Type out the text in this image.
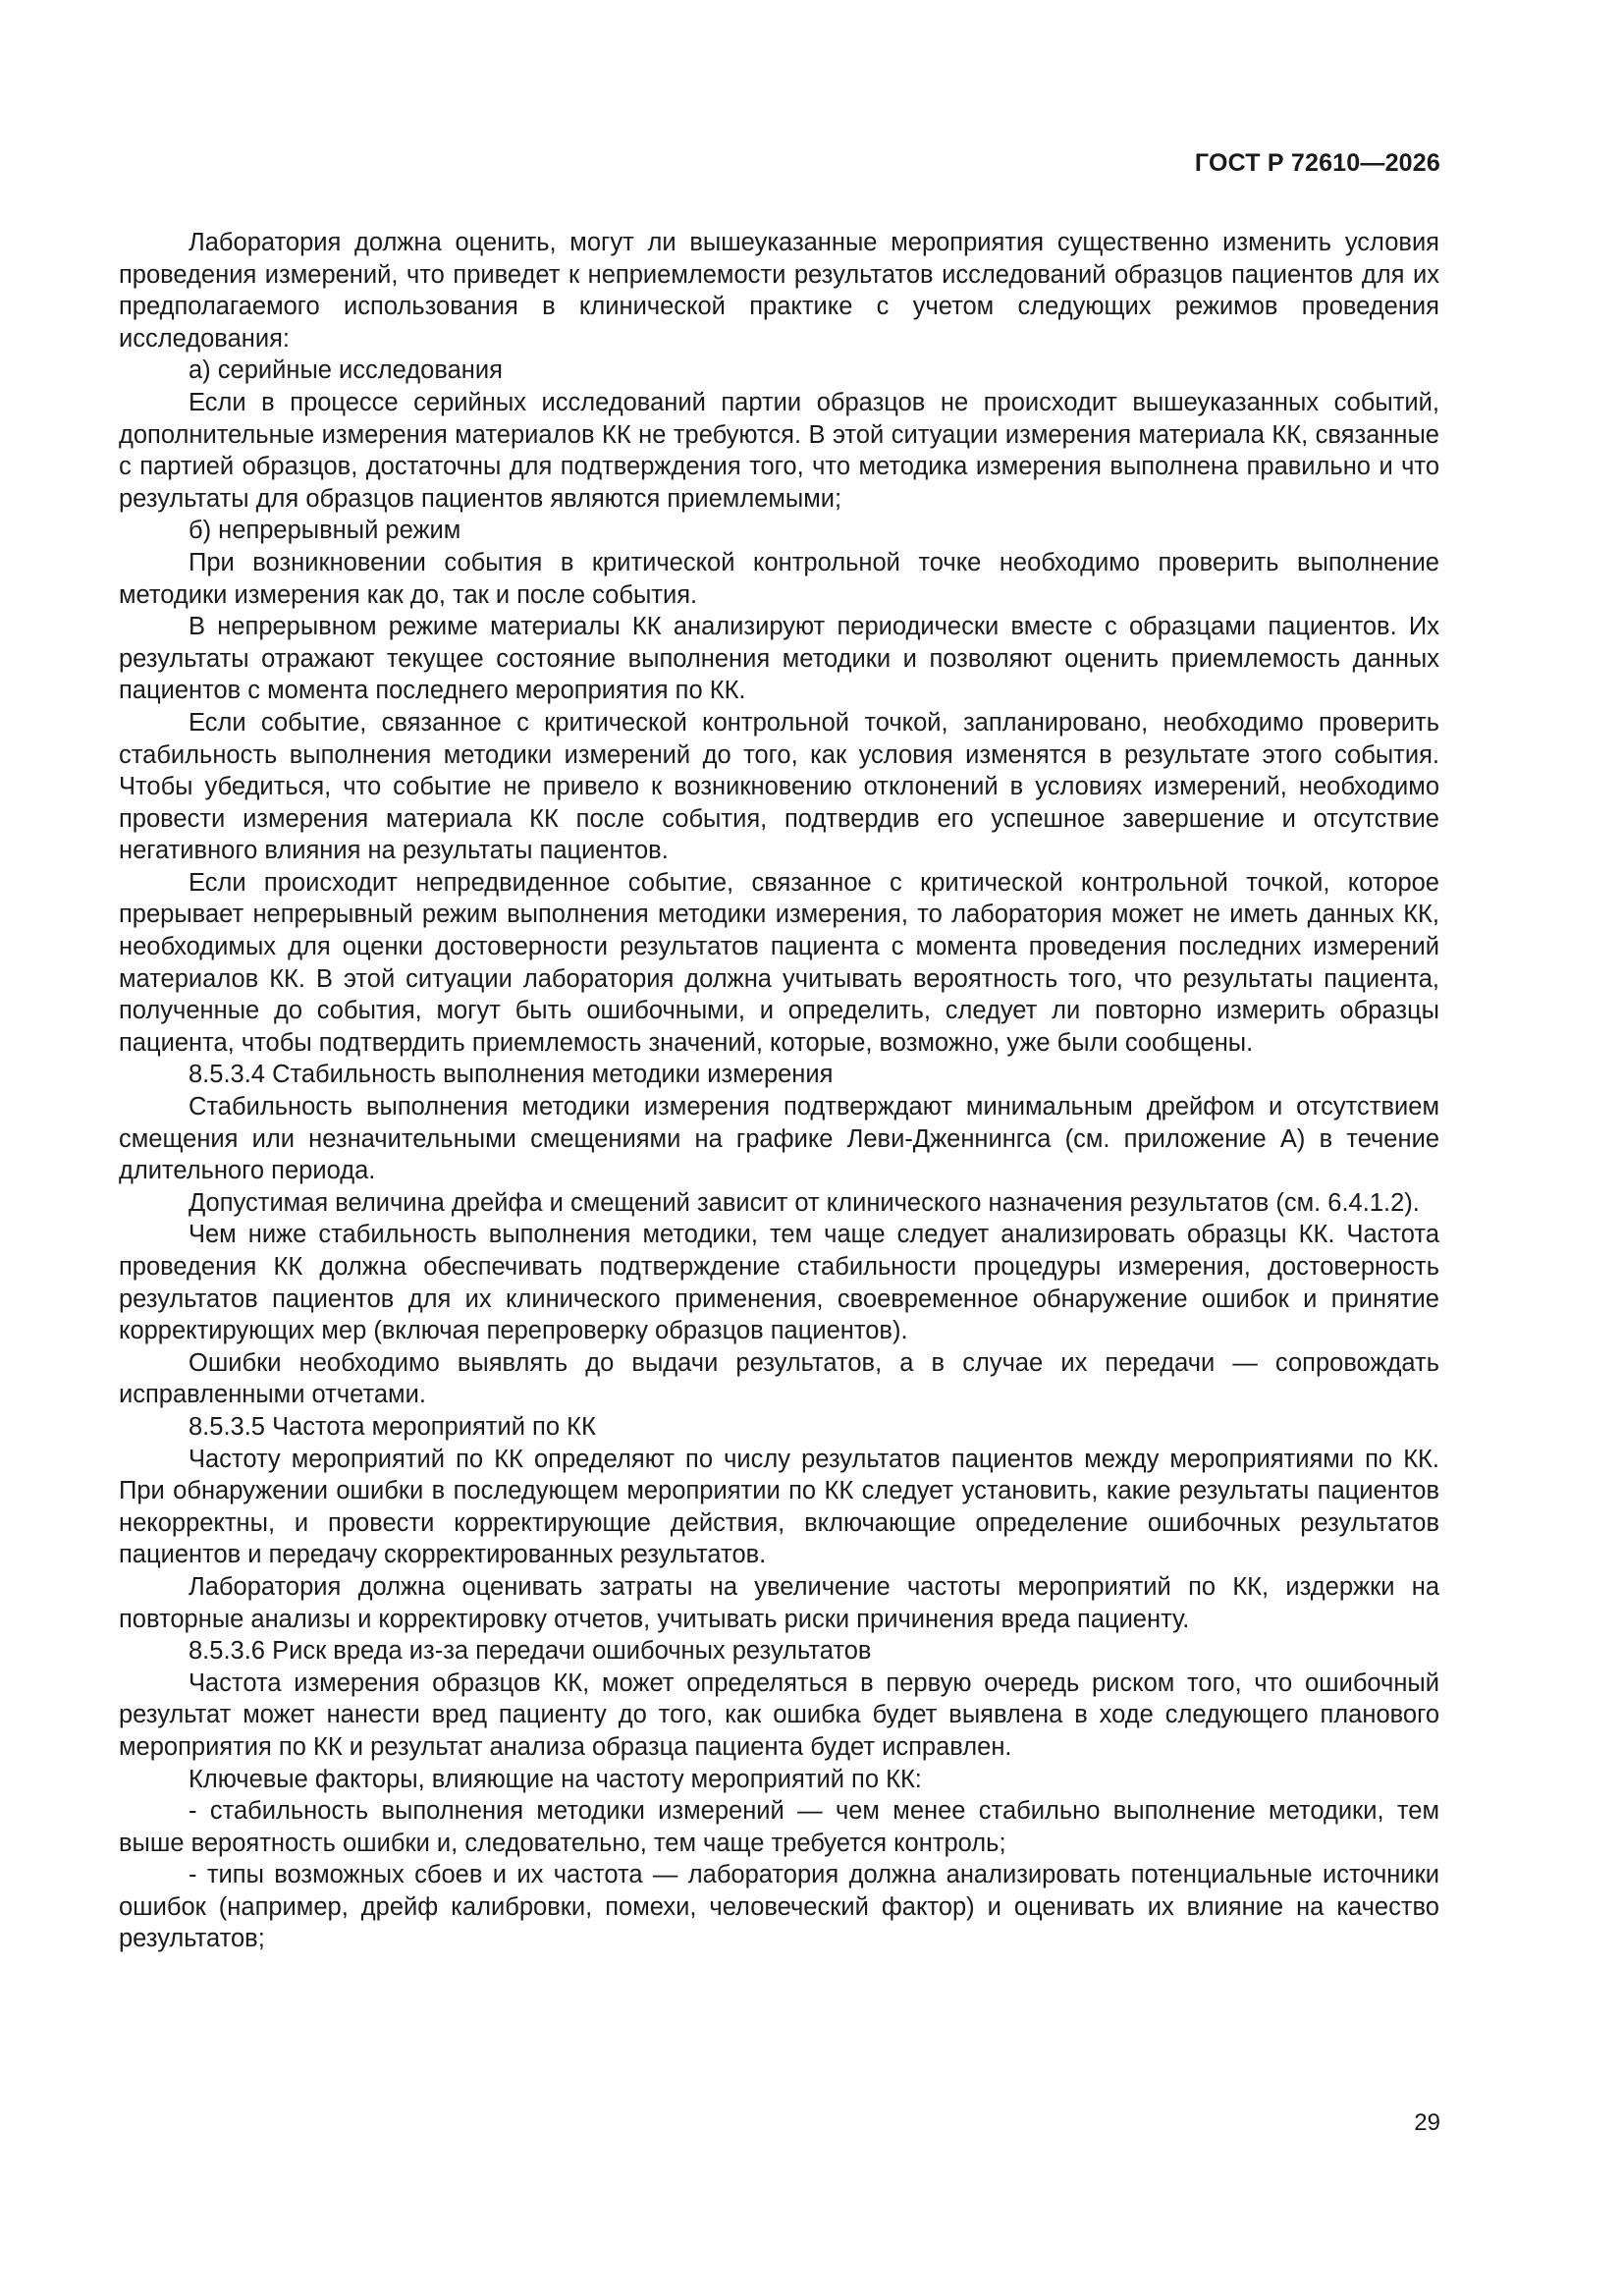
ГОСТ Р 72610—2026

Лаборатория должна оценить, могут ли вышеуказанные мероприятия существенно изменить условия проведения измерений, что приведет к неприемлемости результатов исследований образцов пациентов для их предполагаемого использования в клинической практике с учетом следующих режимов проведения исследования:

а) серийные исследования

Если в процессе серийных исследований партии образцов не происходит вышеуказанных событий, дополнительные измерения материалов КК не требуются. В этой ситуации измерения материала КК, связанные с партией образцов, достаточны для подтверждения того, что методика измерения выполнена правильно и что результаты для образцов пациентов являются приемлемыми;

б) непрерывный режим

При возникновении события в критической контрольной точке необходимо проверить выполнение методики измерения как до, так и после события.

В непрерывном режиме материалы КК анализируют периодически вместе с образцами пациентов. Их результаты отражают текущее состояние выполнения методики и позволяют оценить приемлемость данных пациентов с момента последнего мероприятия по КК.

Если событие, связанное с критической контрольной точкой, запланировано, необходимо проверить стабильность выполнения методики измерений до того, как условия изменятся в результате этого события. Чтобы убедиться, что событие не привело к возникновению отклонений в условиях измерений, необходимо провести измерения материала КК после события, подтвердив его успешное завершение и отсутствие негативного влияния на результаты пациентов.

Если происходит непредвиденное событие, связанное с критической контрольной точкой, которое прерывает непрерывный режим выполнения методики измерения, то лаборатория может не иметь данных КК, необходимых для оценки достоверности результатов пациента с момента проведения последних измерений материалов КК. В этой ситуации лаборатория должна учитывать вероятность того, что результаты пациента, полученные до события, могут быть ошибочными, и определить, следует ли повторно измерить образцы пациента, чтобы подтвердить приемлемость значений, которые, возможно, уже были сообщены.

8.5.3.4 Стабильность выполнения методики измерения

Стабильность выполнения методики измерения подтверждают минимальным дрейфом и отсутствием смещения или незначительными смещениями на графике Леви-Дженнингса (см. приложение А) в течение длительного периода.

Допустимая величина дрейфа и смещений зависит от клинического назначения результатов (см. 6.4.1.2).

Чем ниже стабильность выполнения методики, тем чаще следует анализировать образцы КК. Частота проведения КК должна обеспечивать подтверждение стабильности процедуры измерения, достоверность результатов пациентов для их клинического применения, своевременное обнаружение ошибок и принятие корректирующих мер (включая перепроверку образцов пациентов).

Ошибки необходимо выявлять до выдачи результатов, а в случае их передачи — сопровождать исправленными отчетами.

8.5.3.5 Частота мероприятий по КК

Частоту мероприятий по КК определяют по числу результатов пациентов между мероприятиями по КК. При обнаружении ошибки в последующем мероприятии по КК следует установить, какие результаты пациентов некорректны, и провести корректирующие действия, включающие определение ошибочных результатов пациентов и передачу скорректированных результатов.

Лаборатория должна оценивать затраты на увеличение частоты мероприятий по КК, издержки на повторные анализы и корректировку отчетов, учитывать риски причинения вреда пациенту.

8.5.3.6 Риск вреда из-за передачи ошибочных результатов

Частота измерения образцов КК, может определяться в первую очередь риском того, что ошибочный результат может нанести вред пациенту до того, как ошибка будет выявлена в ходе следующего планового мероприятия по КК и результат анализа образца пациента будет исправлен.

Ключевые факторы, влияющие на частоту мероприятий по КК:

- стабильность выполнения методики измерений — чем менее стабильно выполнение методики, тем выше вероятность ошибки и, следовательно, тем чаще требуется контроль;

- типы возможных сбоев и их частота — лаборатория должна анализировать потенциальные источники ошибок (например, дрейф калибровки, помехи, человеческий фактор) и оценивать их влияние на качество результатов;

29
